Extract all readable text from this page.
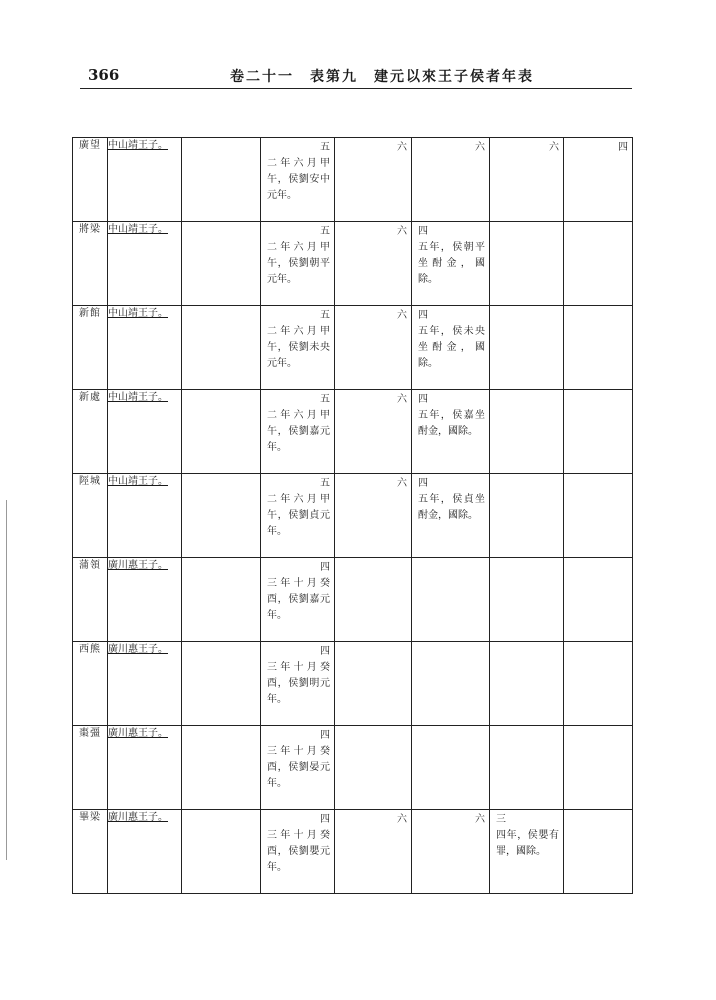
366	卷二十一　表第九　建元以來王子侯者年表
廣望	中山靖王子。		五
二年六月甲午，侯劉安中元年。	六	六	六	四

將梁	中山靖王子。		五
二年六月甲午，侯劉朝平元年。	六	四
五年，侯朝平坐酎金，國除。		

新館	中山靖王子。		五
二年六月甲午，侯劉未央元年。	六	四
五年，侯未央坐酎金，國除。		

新處	中山靖王子。		五
二年六月甲午，侯劉嘉元年。	六	四
五年，侯嘉坐酎金，國除。		

陘城	中山靖王子。		五
二年六月甲午，侯劉貞元年。	六	四
五年，侯貞坐酎金，國除。		

蒲領	廣川惠王子。		四
三年十月癸酉，侯劉嘉元年。				

西熊	廣川惠王子。		四
三年十月癸酉，侯劉明元年。				

棗彊	廣川惠王子。		四
三年十月癸酉，侯劉晏元年。				

畢梁	廣川惠王子。		四
三年十月癸酉，侯劉嬰元年。	六	六	三
四年，侯嬰有罪，國除。	
